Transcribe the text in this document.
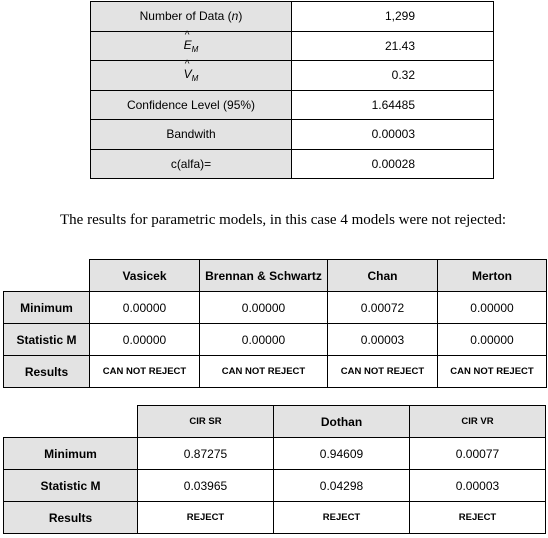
Number of Data (n)	1,299
^ $E_M$	21.43
^ $V_M$	0.32
Confidence Level (95%)	1.64485
Bandwith	0.00003
c(alfa)=	0.00028

The results for parametric models, in this case 4 models were not rejected:

	Vasicek	Brennan & Schwartz	Chan	Merton
Minimum	0.00000	0.00000	0.00072	0.00000
Statistic M	0.00000	0.00000	0.00003	0.00000
Results	CAN NOT REJECT	CAN NOT REJECT	CAN NOT REJECT	CAN NOT REJECT
	CIR SR	Dothan	CIR VR
Minimum	0.87275	0.94609	0.00077
Statistic M	0.03965	0.04298	0.00003
Results	REJECT	REJECT	REJECT
